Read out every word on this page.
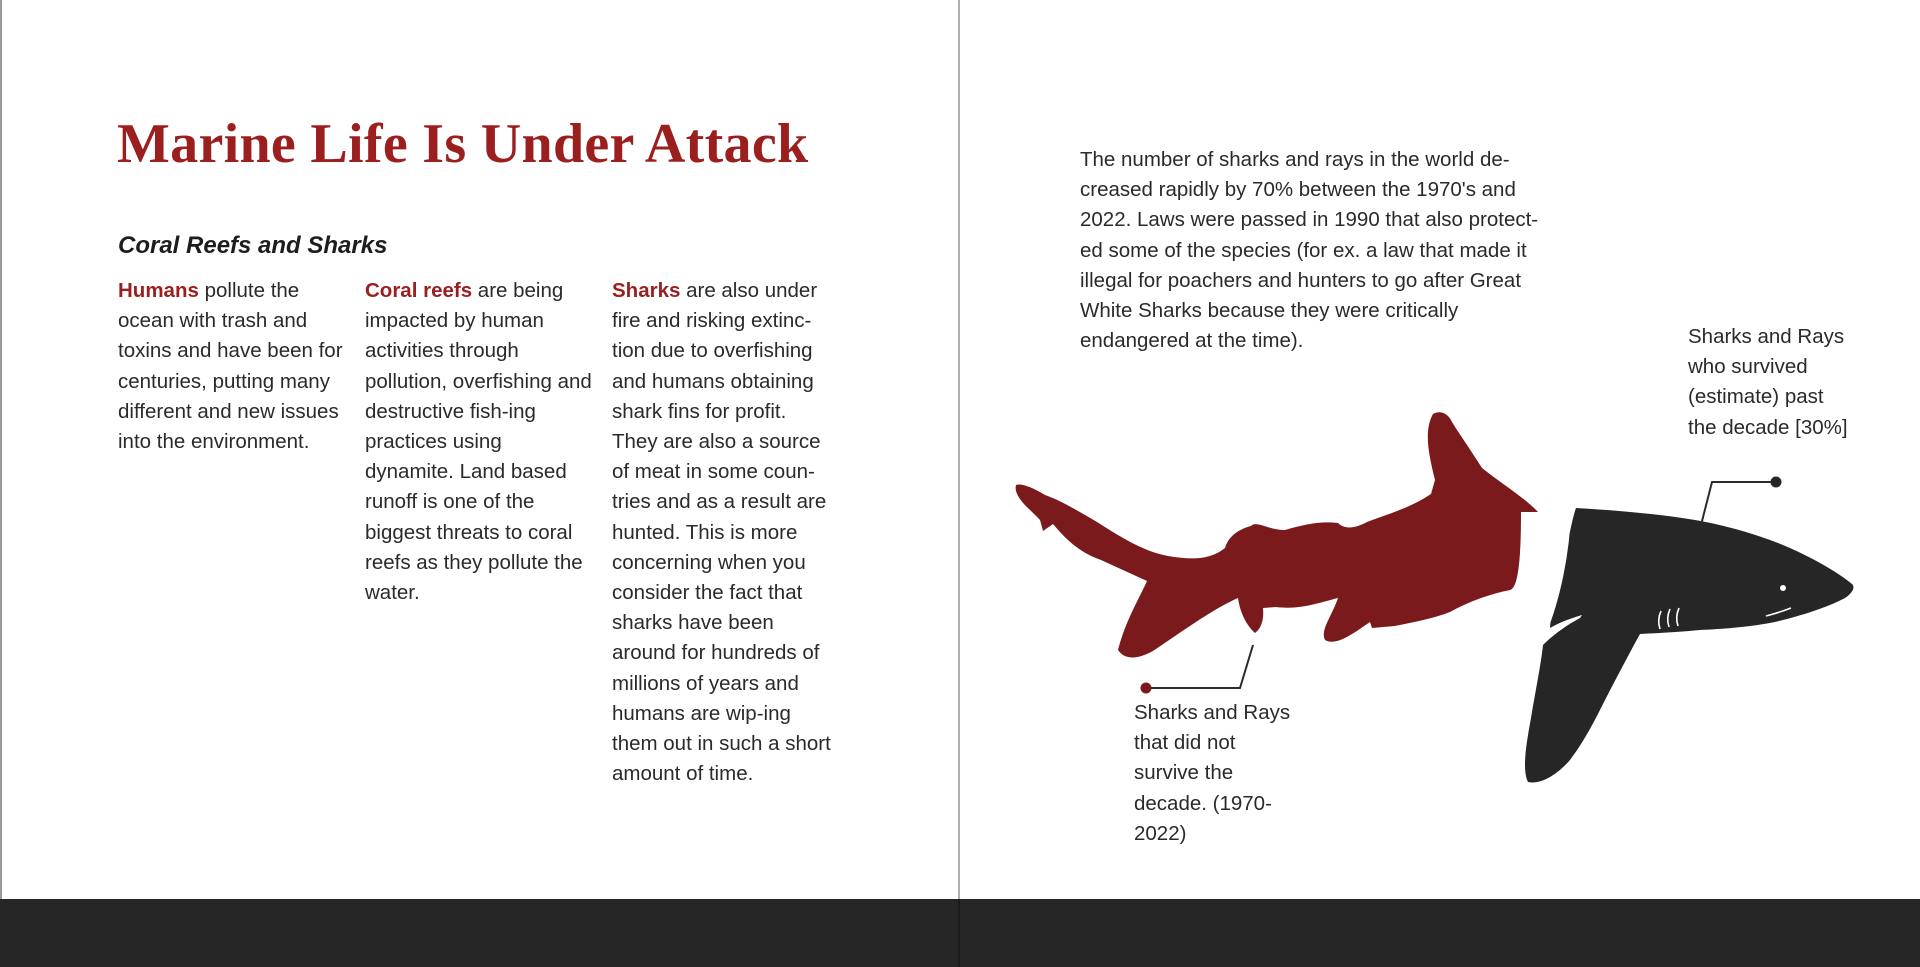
Marine Life Is Under Attack
Coral Reefs and Sharks

Humans pollute the ocean with trash and toxins and have been for centuries, putting many different and new issues into the environment.

Coral reefs are being impacted by human activities through pollution, overfishing and destructive fish-ing practices using dynamite. Land based runoff is one of the biggest threats to coral reefs as they pollute the water.

Sharks are also under fire and risking extinc-tion due to overfishing and humans obtaining shark fins for profit. They are also a source of meat in some coun-tries and as a result are hunted. This is more concerning when you consider the fact that sharks have been around for hundreds of millions of years and humans are wip-ing them out in such a short amount of time.

The number of sharks and rays in the world de-creased rapidly by 70% between the 1970's and 2022. Laws were passed in 1990 that also protect-ed some of the species (for ex. a law that made it illegal for poachers and hunters to go after Great White Sharks because they were critically endangered at the time).	Sharks and Rays who survived (estimate) past the decade [30%]

Sharks and Rays that did not survive the decade. (1970- 2022)
